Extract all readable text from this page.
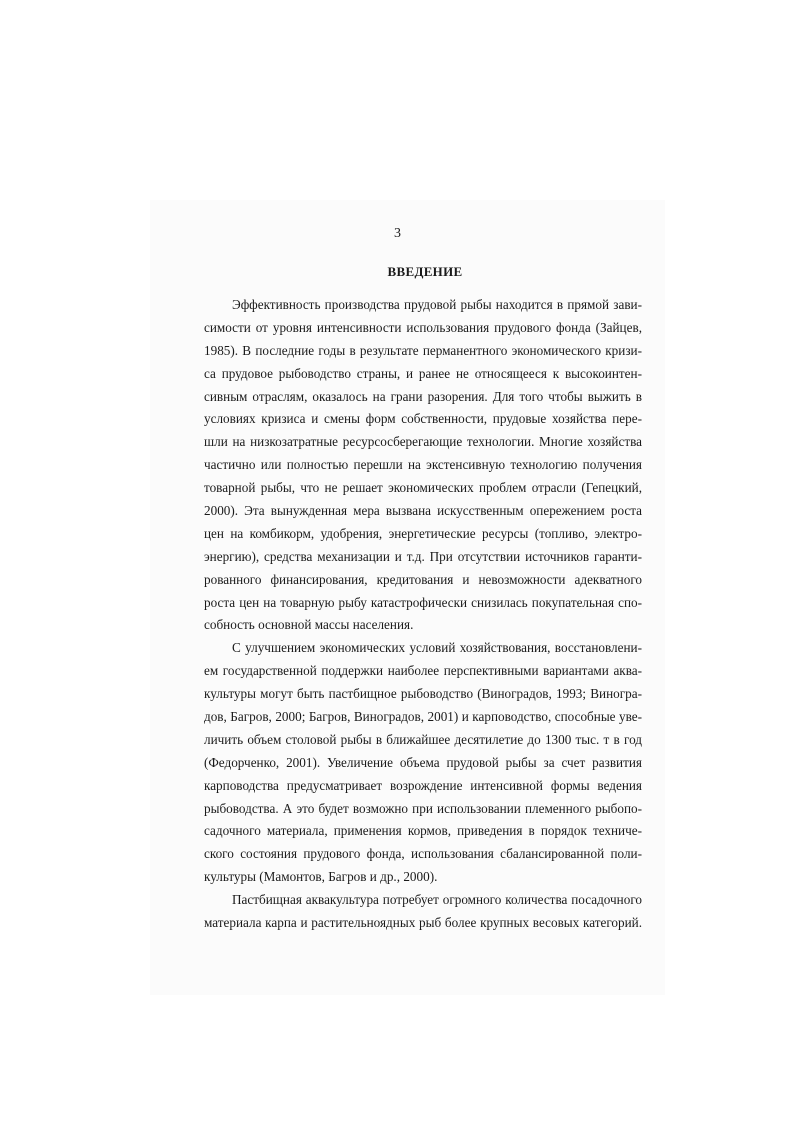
3
ВВЕДЕНИЕ
Эффективность производства прудовой рыбы находится в прямой зави-
симости от уровня интенсивности использования прудового фонда (Зайцев,
1985). В последние годы в результате перманентного экономического кризи-
са прудовое рыбоводство страны, и ранее не относящееся к высокоинтен-
сивным отраслям, оказалось на грани разорения. Для того чтобы выжить в
условиях кризиса и смены форм собственности, прудовые хозяйства пере-
шли на низкозатратные ресурсосберегающие технологии. Многие хозяйства
частично или полностью перешли на экстенсивную технологию получения
товарной рыбы, что не решает экономических проблем отрасли (Гепецкий,
2000). Эта вынужденная мера вызвана искусственным опережением роста
цен на комбикорм, удобрения, энергетические ресурсы (топливо, электро-
энергию), средства механизации и т.д. При отсутствии источников гаранти-
рованного финансирования, кредитования и невозможности адекватного
роста цен на товарную рыбу катастрофически снизилась покупательная спо-
собность основной массы населения.
С улучшением экономических условий хозяйствования, восстановлени-
ем государственной поддержки наиболее перспективными вариантами аква-
культуры могут быть пастбищное рыбоводство (Виноградов, 1993; Виногра-
дов, Багров, 2000; Багров, Виноградов, 2001) и карповодство, способные уве-
личить объем столовой рыбы в ближайшее десятилетие до 1300 тыс. т в год
(Федорченко, 2001). Увеличение объема прудовой рыбы за счет развития
карповодства предусматривает возрождение интенсивной формы ведения
рыбоводства. А это будет возможно при использовании племенного рыбопо-
садочного материала, применения кормов, приведения в порядок техниче-
ского состояния прудового фонда, использования сбалансированной поли-
культуры (Мамонтов, Багров и др., 2000).
Пастбищная аквакультура потребует огромного количества посадочного
материала карпа и растительноядных рыб более крупных весовых категорий.
